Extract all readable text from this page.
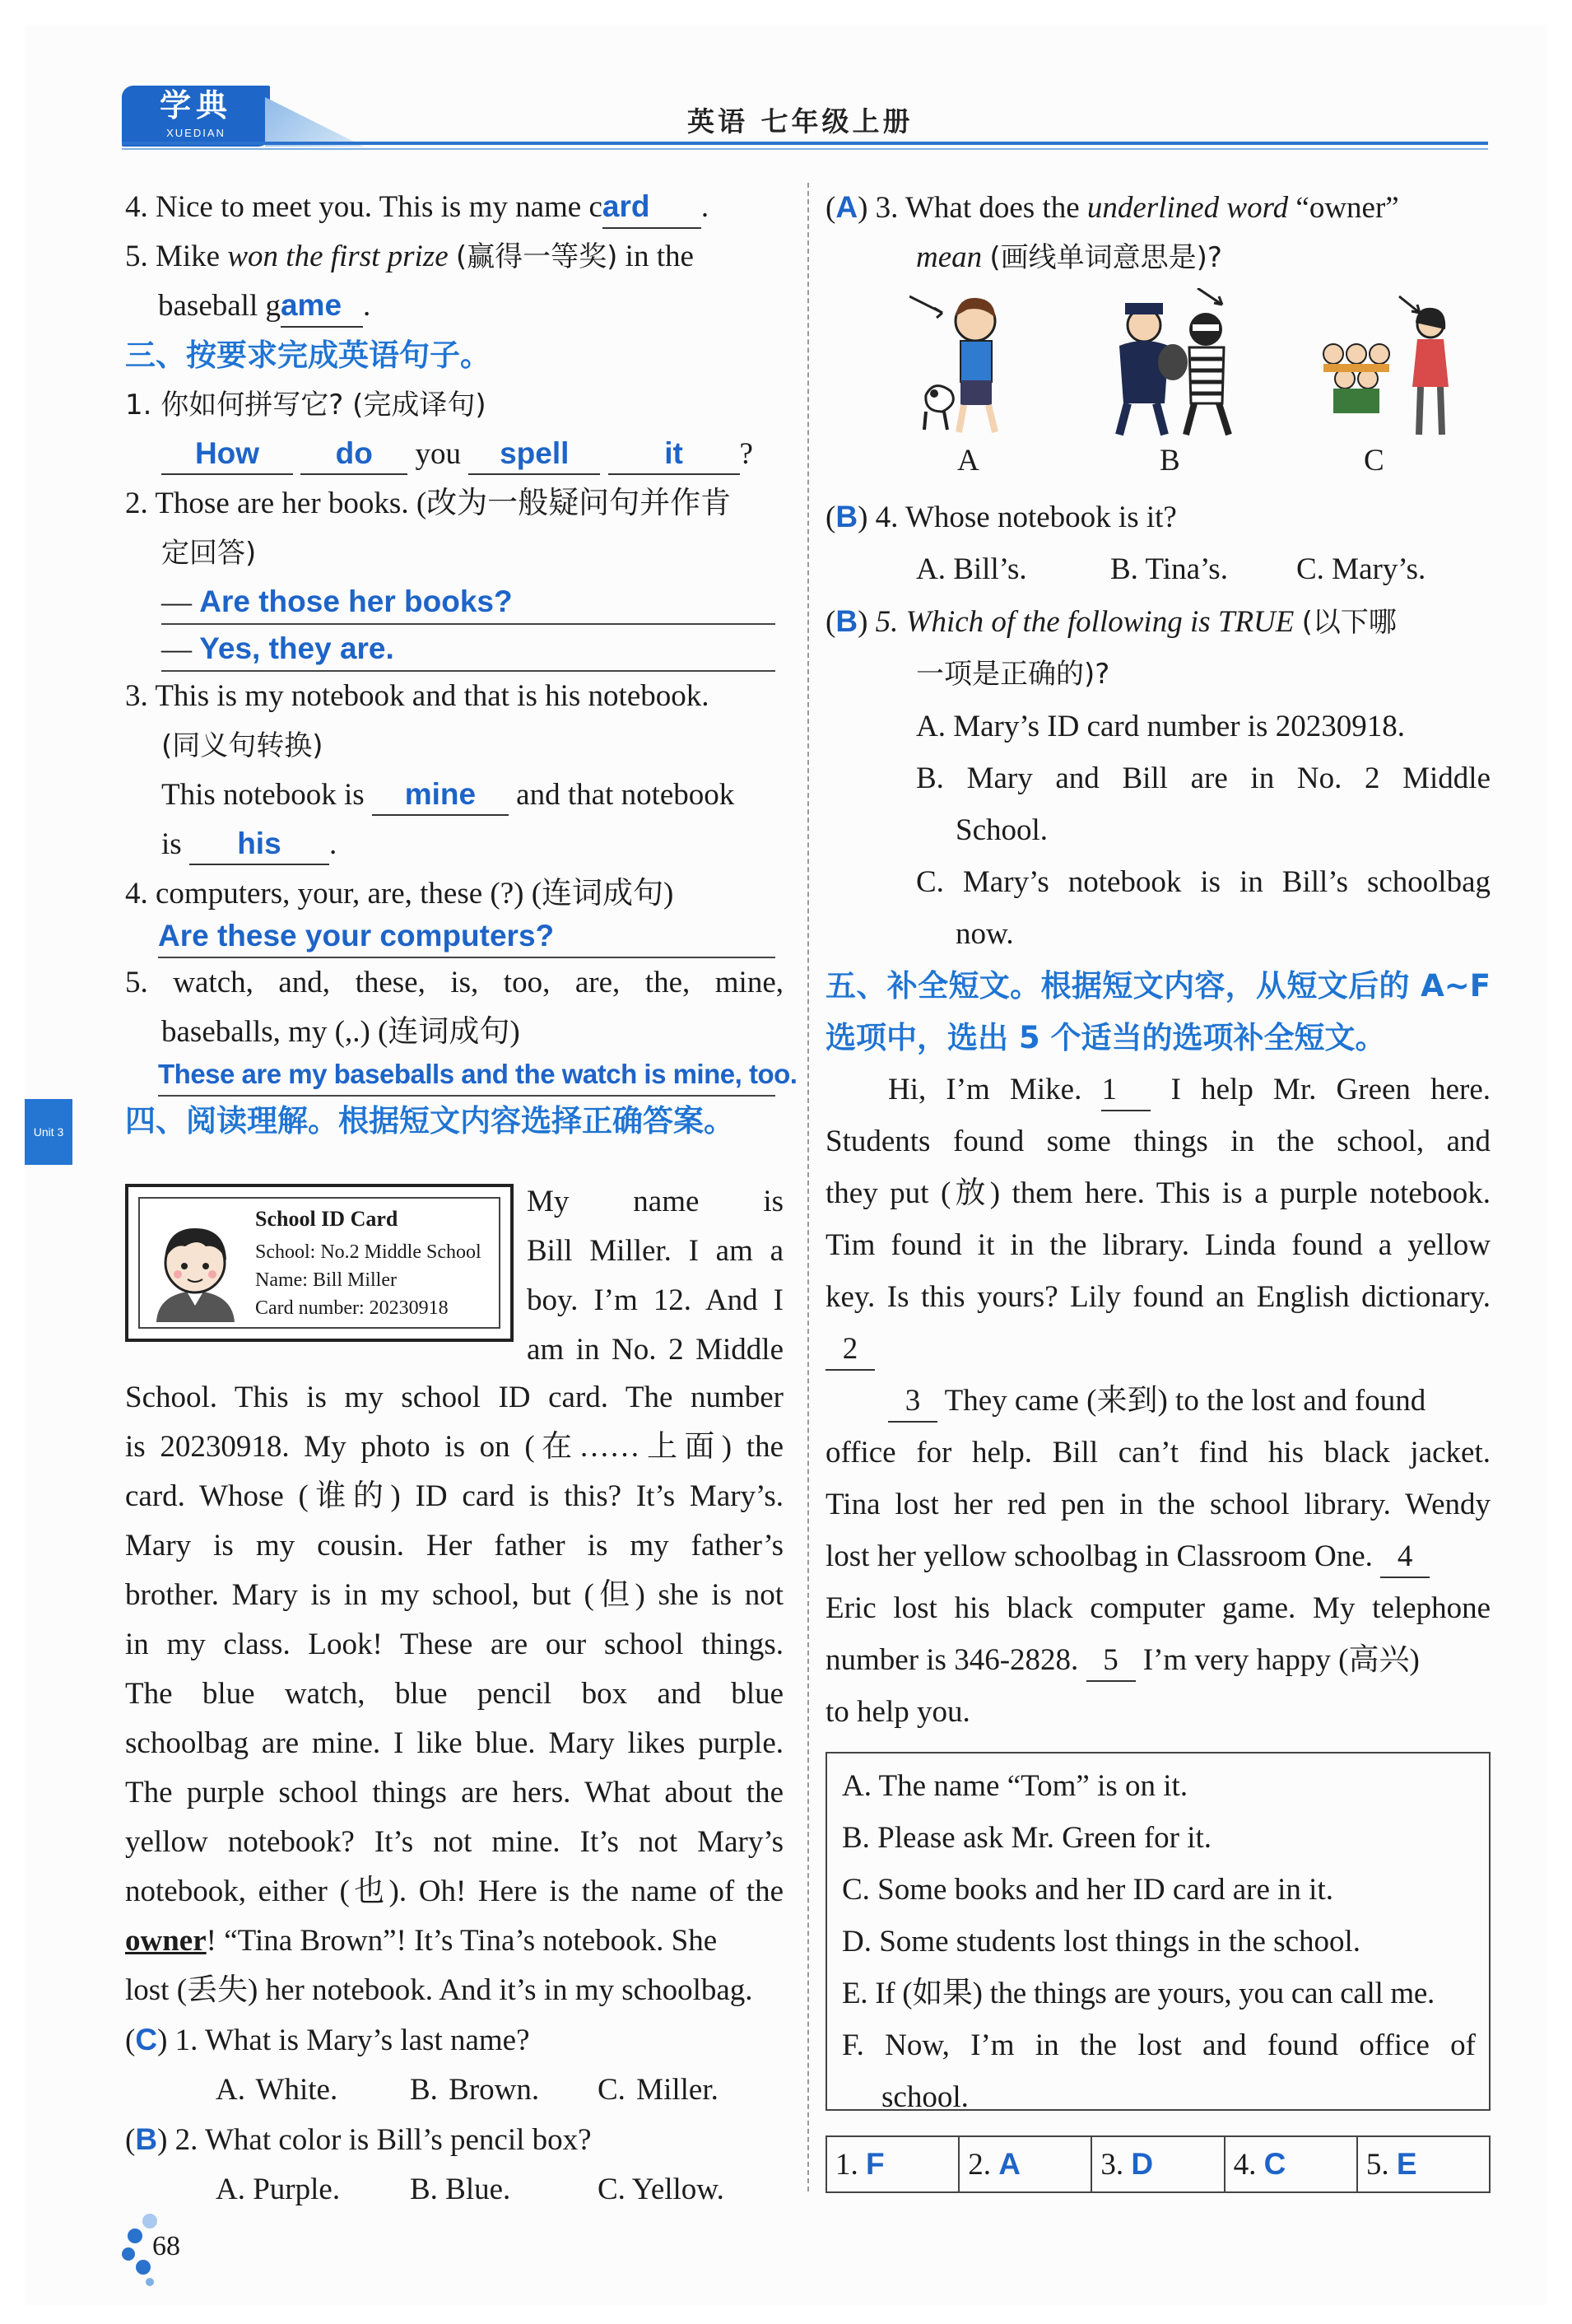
学典
XUEDIAN	英语 七年级上册
Unit 3

4. Nice to meet you. This is my name card .

5. Mike won the first prize (赢得一等奖) in the

baseball game .

三、按要求完成英语句子。

1. 你如何拼写它? (完成译句)

How	do you spell	it ?

2. Those are her books. (改为一般疑问句并作肯

定回答)

— Are those her books?

— Yes, they are.

3. This is my notebook and that is his notebook.

(同义句转换)

This notebook is mine and that notebook

is his .

4. computers, your, are, these (?) (连词成句)

Are these your computers?

5. watch, and, these, is, too, are, the, mine,

baseballs, my (,.) (连词成句)

These are my baseballs and the watch is mine, too.

四、阅读理解。根据短文内容选择正确答案。

School ID Card
School: No.2 Middle School
Name: Bill Miller
Card number: 20230918

My name is

Bill Miller. I am a

boy. I’m 12. And I

am in No. 2 Middle

School. This is my school ID card. The number

is 20230918. My photo is on (在……上面) the

card. Whose (谁的) ID card is this? It’s Mary’s.

Mary is my cousin. Her father is my father’s

brother. Mary is in my school, but (但) she is not

in my class. Look! These are our school things.

The blue watch, blue pencil box and blue

schoolbag are mine. I like blue. Mary likes purple.

The purple school things are hers. What about the

yellow notebook? It’s not mine. It’s not Mary’s

notebook, either (也). Oh! Here is the name of the

owner! “Tina Brown”! It’s Tina’s notebook. She

lost (丢失) her notebook. And it’s in my schoolbag.

(C) 1. What is Mary’s last name?

A. White. B. Brown. C. Miller.

(B) 2. What color is Bill’s pencil box?

A. Purple. B. Blue.	C. Yellow.

(A) 3. What does the underlined word “owner”

mean (画线单词意思是)?

A	B	C

(B) 4. Whose notebook is it?

A. Bill’s.	B. Tina’s. C. Mary’s.

(B) 5. Which of the following is TRUE (以下哪

一项是正确的)?

A. Mary’s ID card number is 20230918.

B. Mary and Bill are in No. 2 Middle

School.

C. Mary’s notebook is in Bill’s schoolbag

now.

五、补全短文。根据短文内容，从短文后的 A~F

选项中，选出 5 个适当的选项补全短文。

Hi, I’m Mike. 1 I help Mr. Green here.

Students found some things in the school, and

they put (放) them here. This is a purple notebook.

Tim found it in the library. Linda found a yellow

key. Is this yours? Lily found an English dictionary.

2

3 They came (来到) to the lost and found

office for help. Bill can’t find his black jacket.

Tina lost her red pen in the school library. Wendy

lost her yellow schoolbag in Classroom One. 4

Eric lost his black computer game. My telephone

number is 346-2828. 5 I’m very happy (高兴)

to help you.

A. The name “Tom” is on it.

B. Please ask Mr. Green for it.

C. Some books and her ID card are in it.

D. Some students lost things in the school.

E. If (如果) the things are yours, you can call me.

F. Now, I’m in the lost and found office of

school.

1. F	2. A	3. D	4. C	5. E
68
